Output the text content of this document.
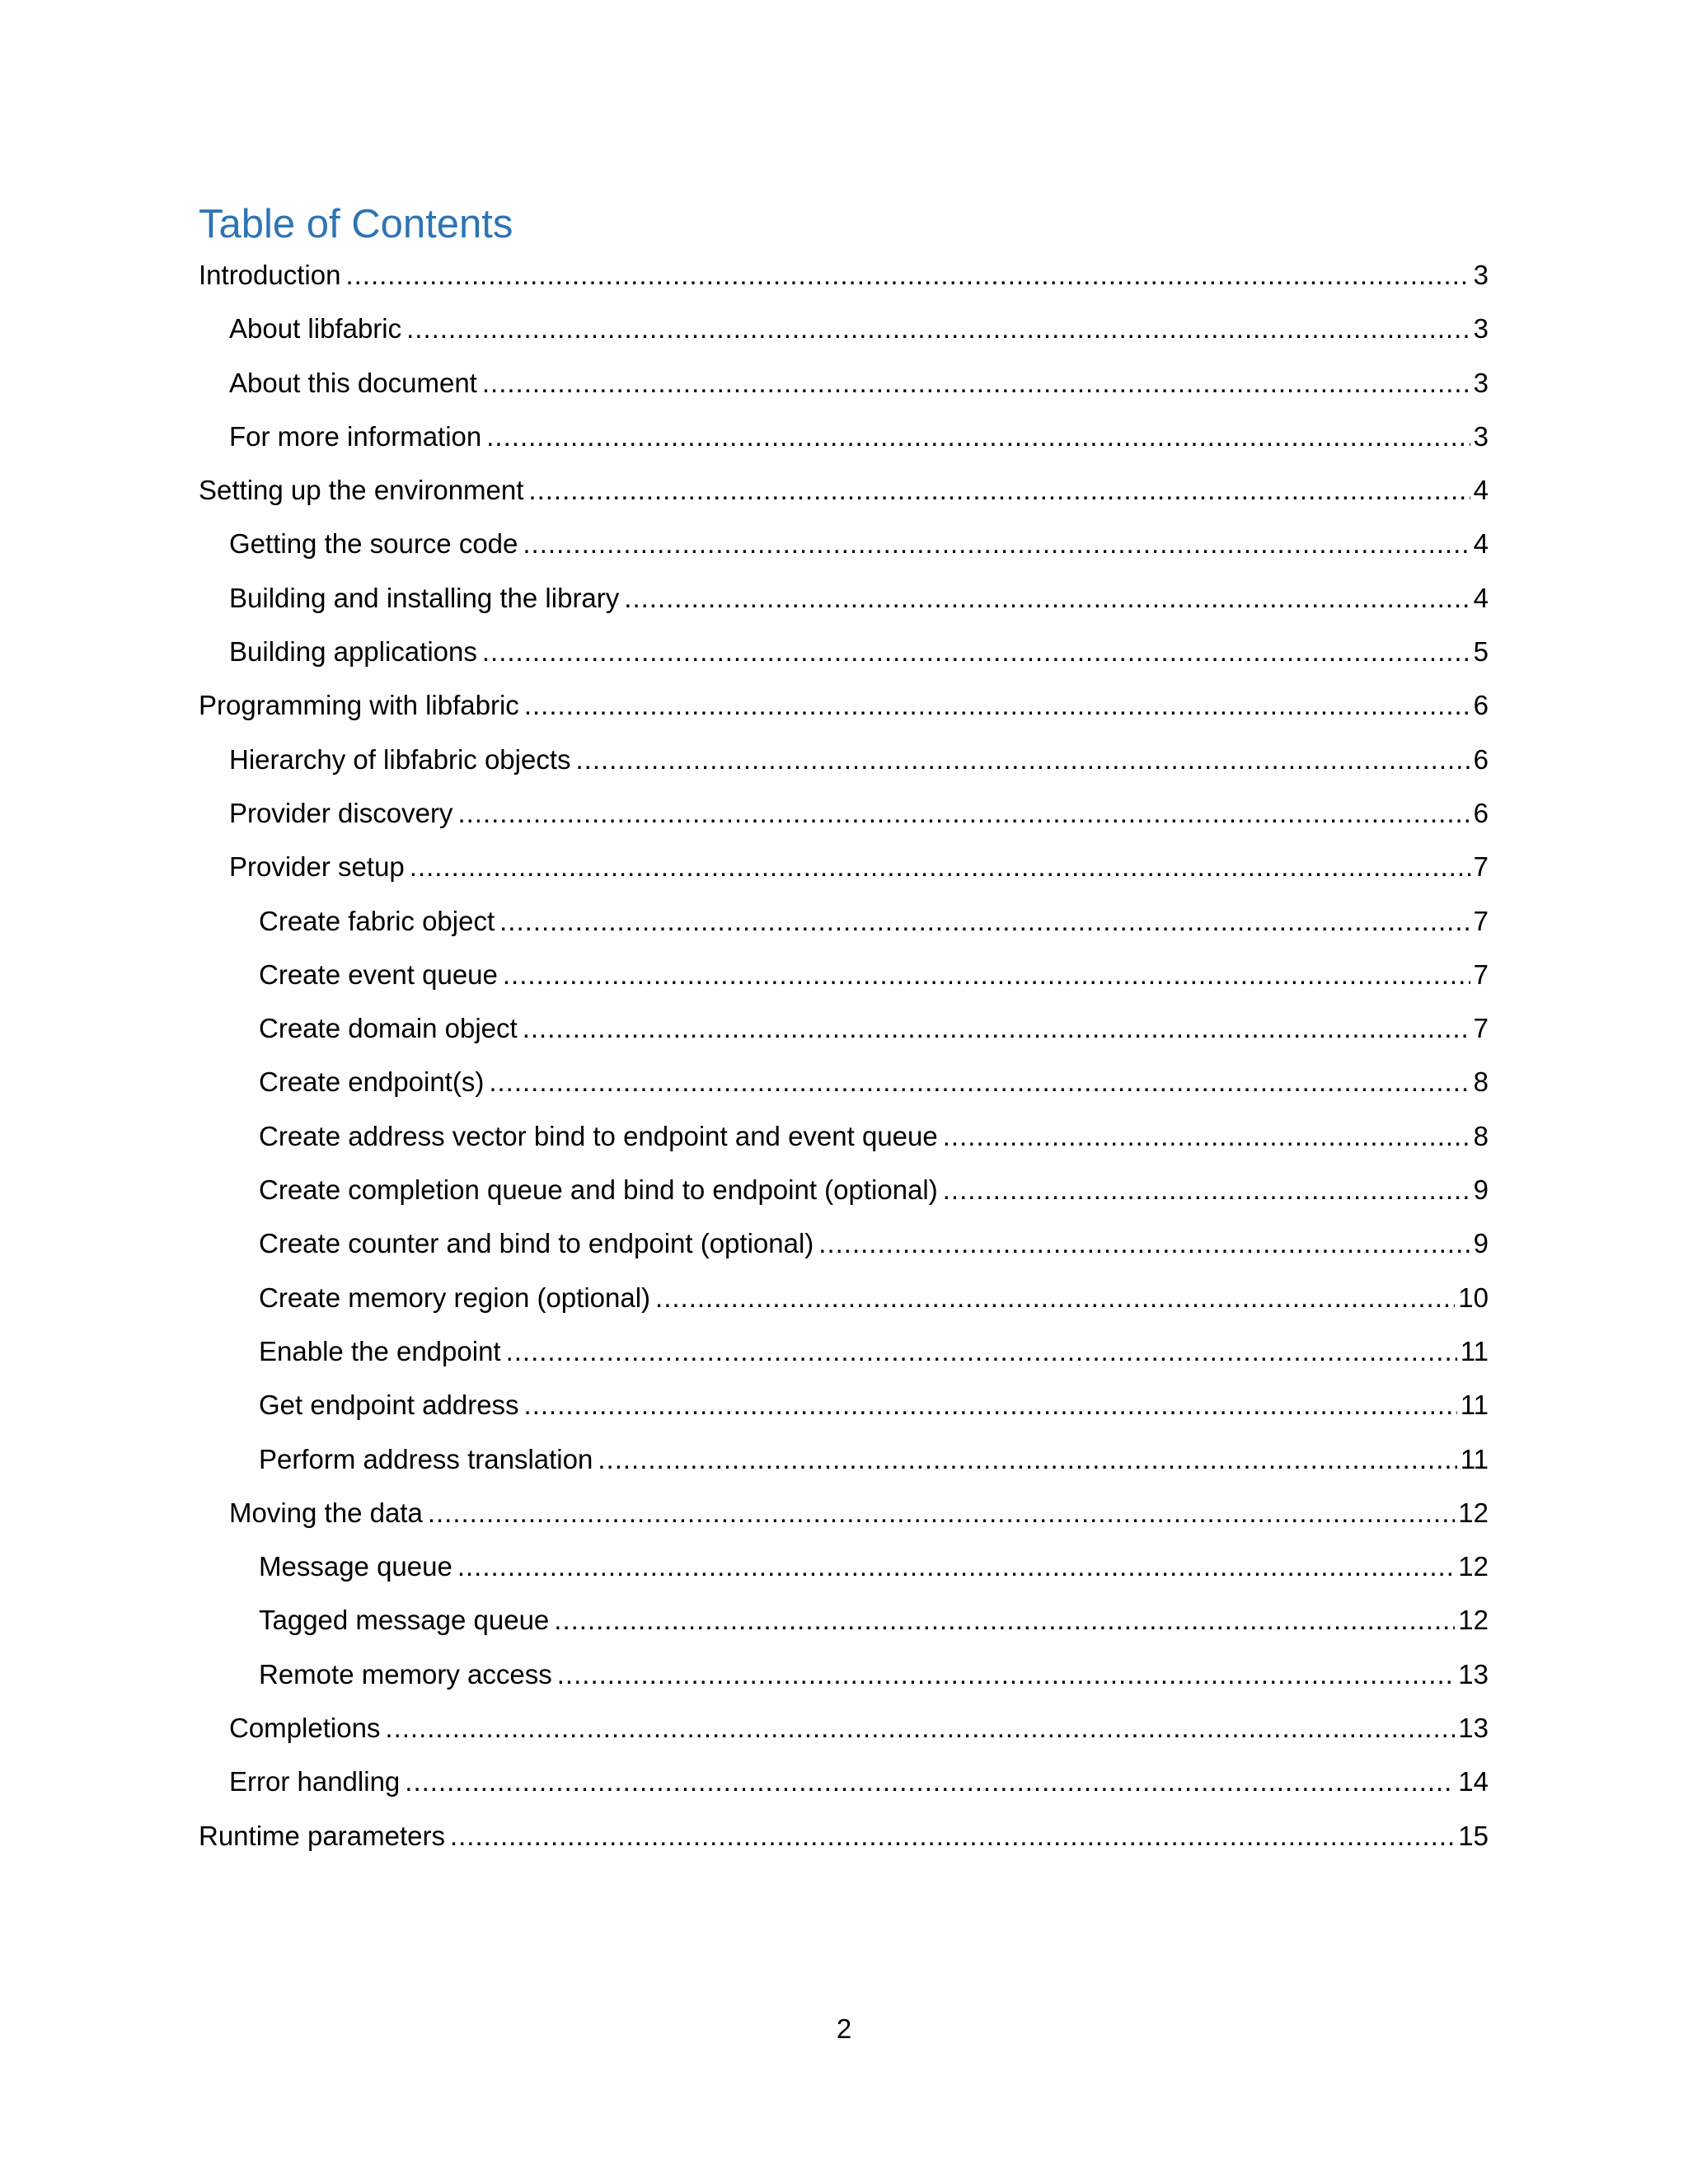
Table of Contents
Introduction .....	3
About libfabric .....	3
About this document .....	3
For more information .....	3
Setting up the environment .....	4
Getting the source code .....	4
Building and installing the library .....	4
Building applications .....	5
Programming with libfabric .....	6
Hierarchy of libfabric objects .....	6
Provider discovery .....	6
Provider setup .....	7
Create fabric object .....	7
Create event queue .....	7
Create domain object .....	7
Create endpoint(s) .....	8
Create address vector bind to endpoint and event queue .....	8
Create completion queue and bind to endpoint (optional) .....	9
Create counter and bind to endpoint (optional) .....	9
Create memory region (optional) .....	10
Enable the endpoint .....	11
Get endpoint address .....	11
Perform address translation .....	11
Moving the data .....	12
Message queue .....	12
Tagged message queue .....	12
Remote memory access .....	13
Completions .....	13
Error handling .....	14
Runtime parameters .....	15
2
